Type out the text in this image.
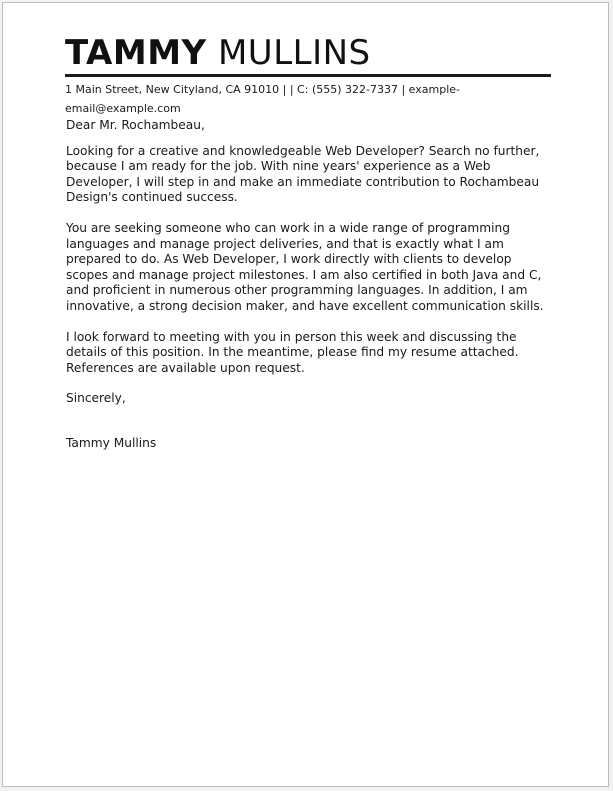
TAMMY MULLINS
1 Main Street, New Cityland, CA 91010 | | C: (555) 322-7337 | example-email@example.com

Dear Mr. Rochambeau,

Looking for a creative and knowledgeable Web Developer? Search no further, because I am ready for the job. With nine years' experience as a Web Developer, I will step in and make an immediate contribution to Rochambeau Design's continued success.

You are seeking someone who can work in a wide range of programming languages and manage project deliveries, and that is exactly what I am prepared to do. As Web Developer, I work directly with clients to develop scopes and manage project milestones. I am also certified in both Java and C, and proficient in numerous other programming languages. In addition, I am innovative, a strong decision maker, and have excellent communication skills.

I look forward to meeting with you in person this week and discussing the details of this position. In the meantime, please find my resume attached. References are available upon request.

Sincerely,

Tammy Mullins
